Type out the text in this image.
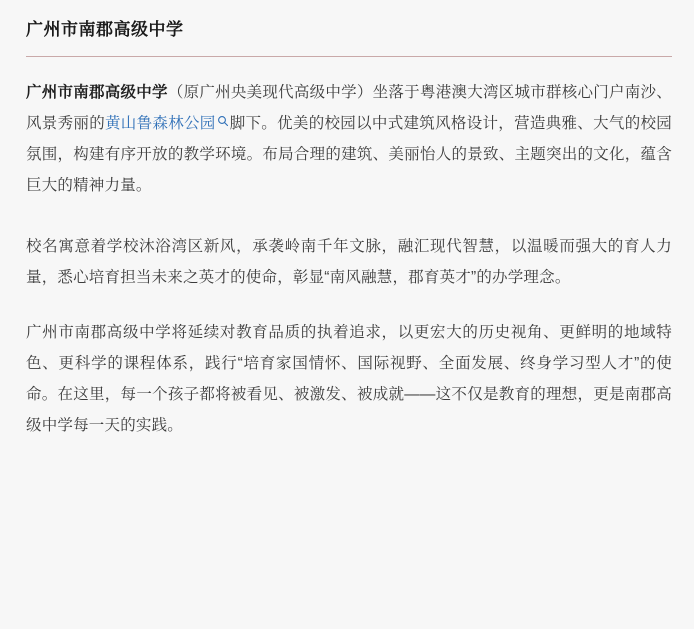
广州市南郡高级中学

广州市南郡高级中学（原广州央美现代高级中学）坐落于粤港澳大湾区城市群核心门户南沙、风景秀丽的黄山鲁森林公园 脚下。优美的校园以中式建筑风格设计，营造典雅、大气的校园氛围，构建有序开放的教学环境。布局合理的建筑、美丽怡人的景致、主题突出的文化，蕴含巨大的精神力量。

校名寓意着学校沐浴湾区新风，承袭岭南千年文脉，融汇现代智慧，以温暖而强大的育人力量，悉心培育担当未来之英才的使命，彰显“南风融慧，郡育英才”的办学理念。

广州市南郡高级中学将延续对教育品质的执着追求，以更宏大的历史视角、更鲜明的地域特色、更科学的课程体系，践行“培育家国情怀、国际视野、全面发展、终身学习型人才”的使命。在这里，每一个孩子都将被看见、被激发、被成就——这不仅是教育的理想，更是南郡高级中学每一天的实践。
